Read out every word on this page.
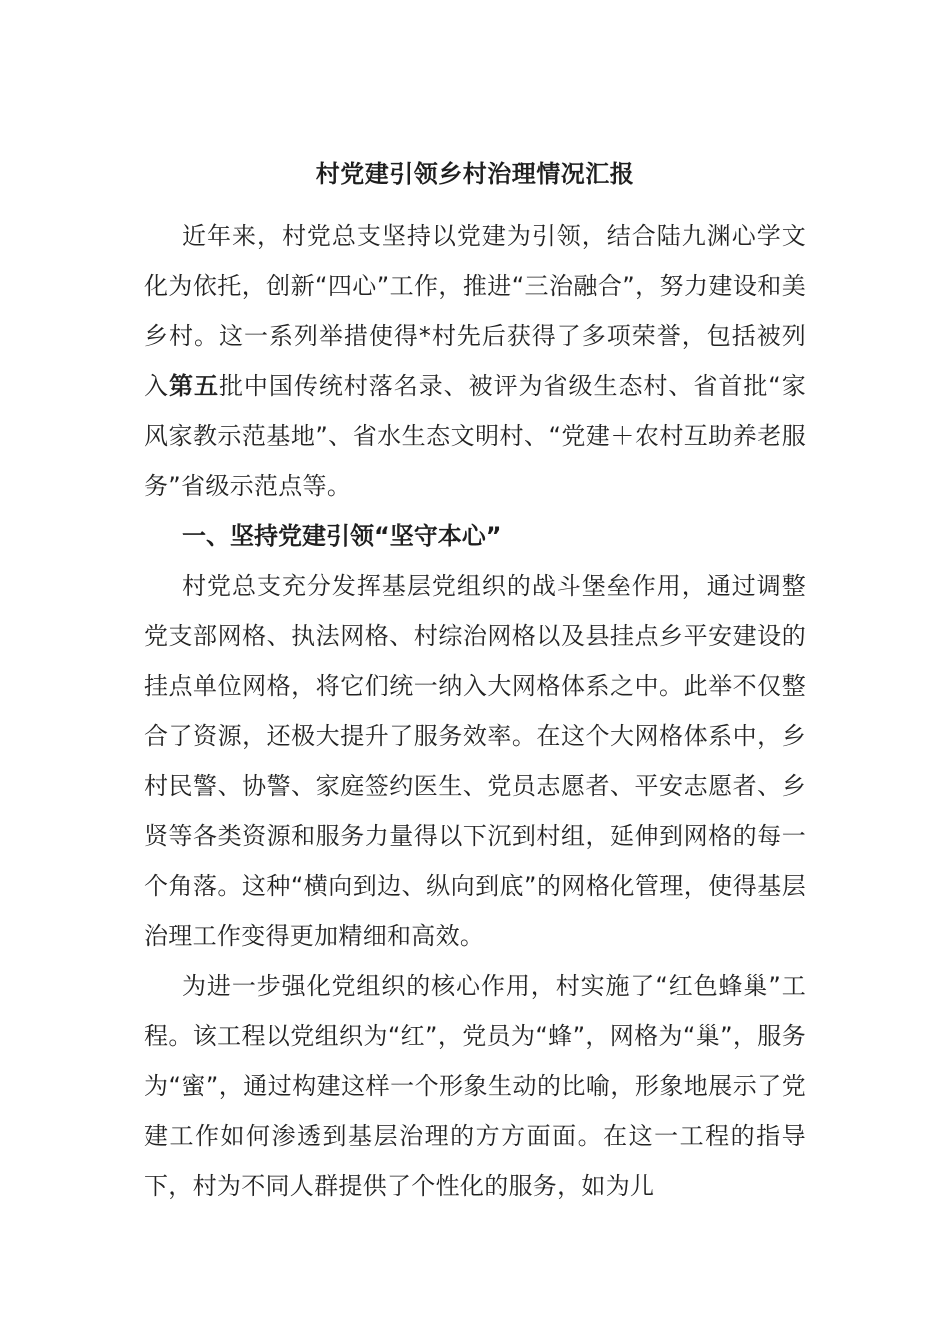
村党建引领乡村治理情况汇报

近年来，村党总支坚持以党建为引领，结合陆九渊心学文化为依托，创新“四心”工作，推进“三治融合”，努力建设和美乡村。这一系列举措使得*村先后获得了多项荣誉，包括被列入第五批中国传统村落名录、被评为省级生态村、省首批“家风家教示范基地”、省水生态文明村、“党建＋农村互助养老服务”省级示范点等。

一、坚持党建引领“坚守本心”

村党总支充分发挥基层党组织的战斗堡垒作用，通过调整党支部网格、执法网格、村综治网格以及县挂点乡平安建设的挂点单位网格，将它们统一纳入大网格体系之中。此举不仅整合了资源，还极大提升了服务效率。在这个大网格体系中，乡村民警、协警、家庭签约医生、党员志愿者、平安志愿者、乡贤等各类资源和服务力量得以下沉到村组，延伸到网格的每一个角落。这种“横向到边、纵向到底”的网格化管理，使得基层治理工作变得更加精细和高效。

为进一步强化党组织的核心作用，村实施了“红色蜂巢”工程。该工程以党组织为“红”，党员为“蜂”，网格为“巢”，服务为“蜜”，通过构建这样一个形象生动的比喻，形象地展示了党建工作如何渗透到基层治理的方方面面。在这一工程的指导下，村为不同人群提供了个性化的服务，如为儿
